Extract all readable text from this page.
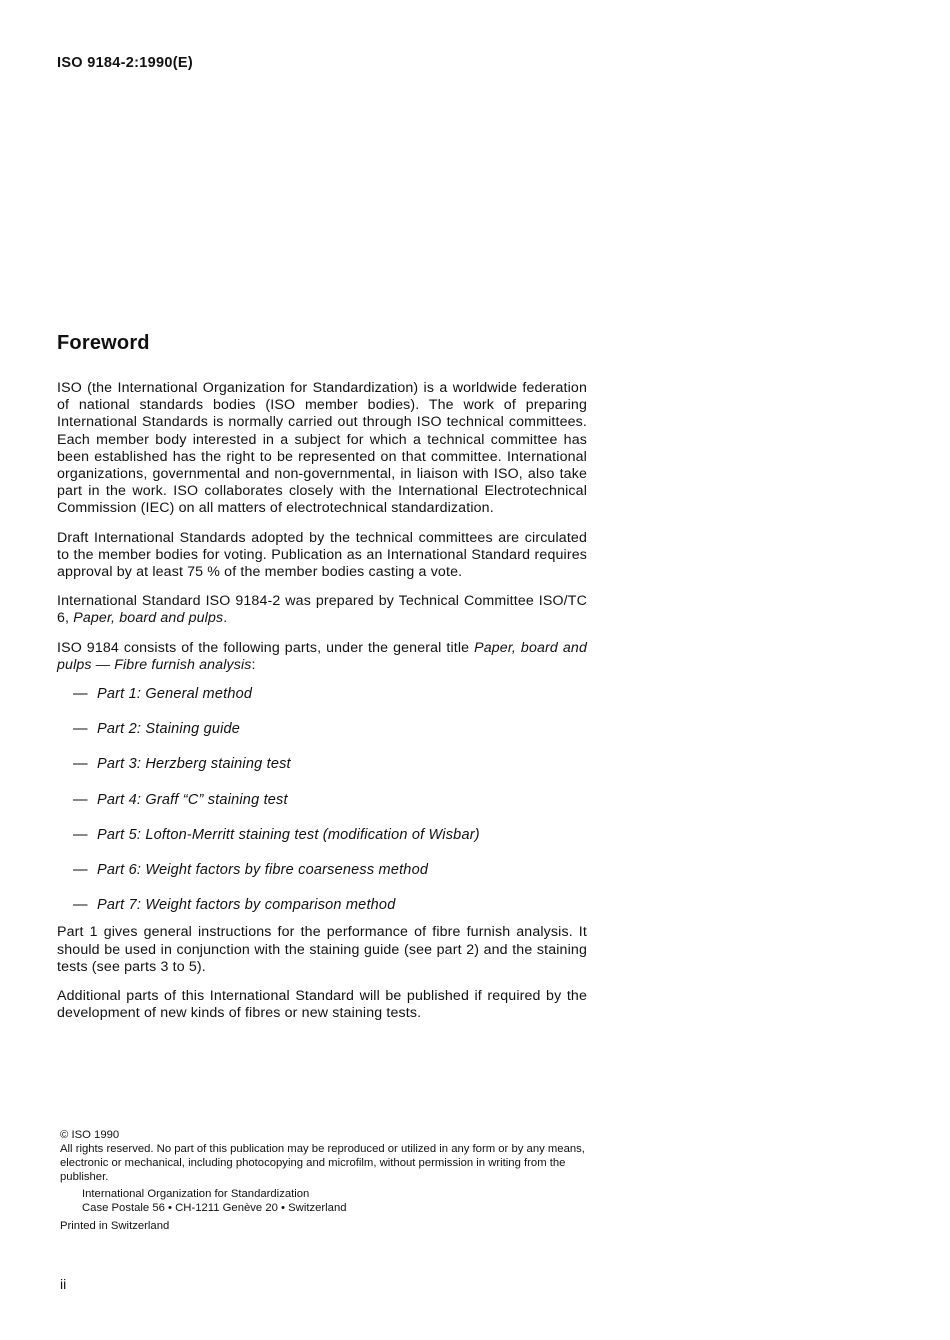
ISO 9184-2:1990(E)
Foreword

ISO (the International Organization for Standardization) is a worldwide federation of national standards bodies (ISO member bodies). The work of preparing International Standards is normally carried out through ISO technical committees. Each member body interested in a subject for which a technical committee has been established has the right to be represented on that committee. International organizations, governmental and non-governmental, in liaison with ISO, also take part in the work. ISO collaborates closely with the International Electrotechnical Commission (IEC) on all matters of electrotechnical standardization.

Draft International Standards adopted by the technical committees are circulated to the member bodies for voting. Publication as an International Standard requires approval by at least 75 % of the member bodies casting a vote.

International Standard ISO 9184-2 was prepared by Technical Committee ISO/TC 6, Paper, board and pulps.

ISO 9184 consists of the following parts, under the general title Paper, board and pulps — Fibre furnish analysis:

— Part 1: General method
— Part 2: Staining guide
— Part 3: Herzberg staining test
— Part 4: Graff “C” staining test
— Part 5: Lofton-Merritt staining test (modification of Wisbar)
— Part 6: Weight factors by fibre coarseness method
— Part 7: Weight factors by comparison method

Part 1 gives general instructions for the performance of fibre furnish analysis. It should be used in conjunction with the staining guide (see part 2) and the staining tests (see parts 3 to 5).

Additional parts of this International Standard will be published if required by the development of new kinds of fibres or new staining tests.

© ISO 1990

All rights reserved. No part of this publication may be reproduced or utilized in any form or by any means, electronic or mechanical, including photocopying and microfilm, without permission in writing from the publisher.

International Organization for Standardization

Case Postale 56 • CH-1211 Genève 20 • Switzerland

Printed in Switzerland

ii
